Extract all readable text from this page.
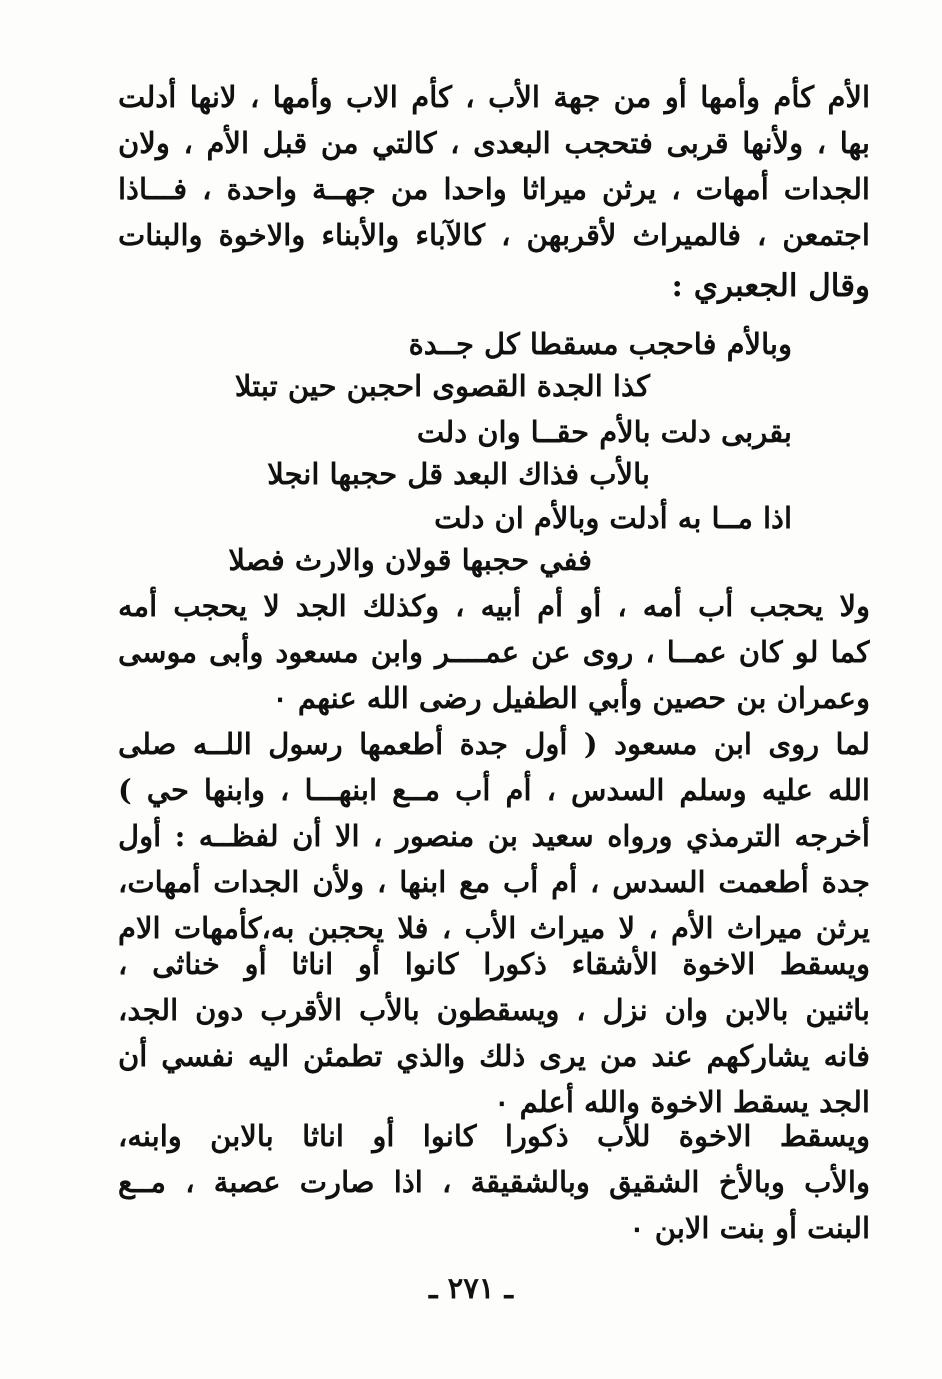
الأم كأم وأمها أو من جهة الأب ، كأم الاب وأمها ، لانها أدلت
بها ، ولأنها قربى فتحجب البعدى ، كالتي من قبل الأم ، ولان
الجدات أمهات ، يرثن ميراثا واحدا من جهــة واحدة ، فـــاذا
اجتمعن ، فالميراث لأقربهن ، كالآباء والأبناء والاخوة والبنات
وقال الجعبري :
وبالأم فاحجب مسقطا كل جــدة
كذا الجدة القصوى احجبن حين تبتلا
بقربى دلت بالأم حقــا وان دلت
بالأب فذاك البعد قل حجبها انجلا
اذا مــا به أدلت وبالأم ان دلت
ففي حجبها قولان والارث فصلا
ولا يحجب أب أمه ، أو أم أبيه ، وكذلك الجد لا يحجب أمه
كما لو كان عمــا ، روى عن عمــــر وابن مسعود وأبى موسى
وعمران بن حصين وأبي الطفيل رضى الله عنهم ٠
لما روى ابن مسعود ( أول جدة أطعمها رسول اللــه صلى
الله عليه وسلم السدس ، أم أب مــع ابنهـــا ، وابنها حي )
أخرجه الترمذي ورواه سعيد بن منصور ، الا أن لفظــه : أول
جدة أطعمت السدس ، أم أب مع ابنها ، ولأن الجدات أمهات،
يرثن ميراث الأم ، لا ميراث الأب ، فلا يحجبن به،كأمهات الام
ويسقط الاخوة الأشقاء ذكورا كانوا أو اناثا أو خناثى ،
باثنين بالابن وان نزل ، ويسقطون بالأب الأقرب دون الجد،
فانه يشاركهم عند من يرى ذلك والذي تطمئن اليه نفسي أن
الجد يسقط الاخوة والله أعلم ٠
ويسقط الاخوة للأب ذكورا كانوا أو اناثا بالابن وابنه،
والأب وبالأخ الشقيق وبالشقيقة ، اذا صارت عصبة ، مــع
البنت أو بنت الابن ٠
ـ ٢٧١ ـ
